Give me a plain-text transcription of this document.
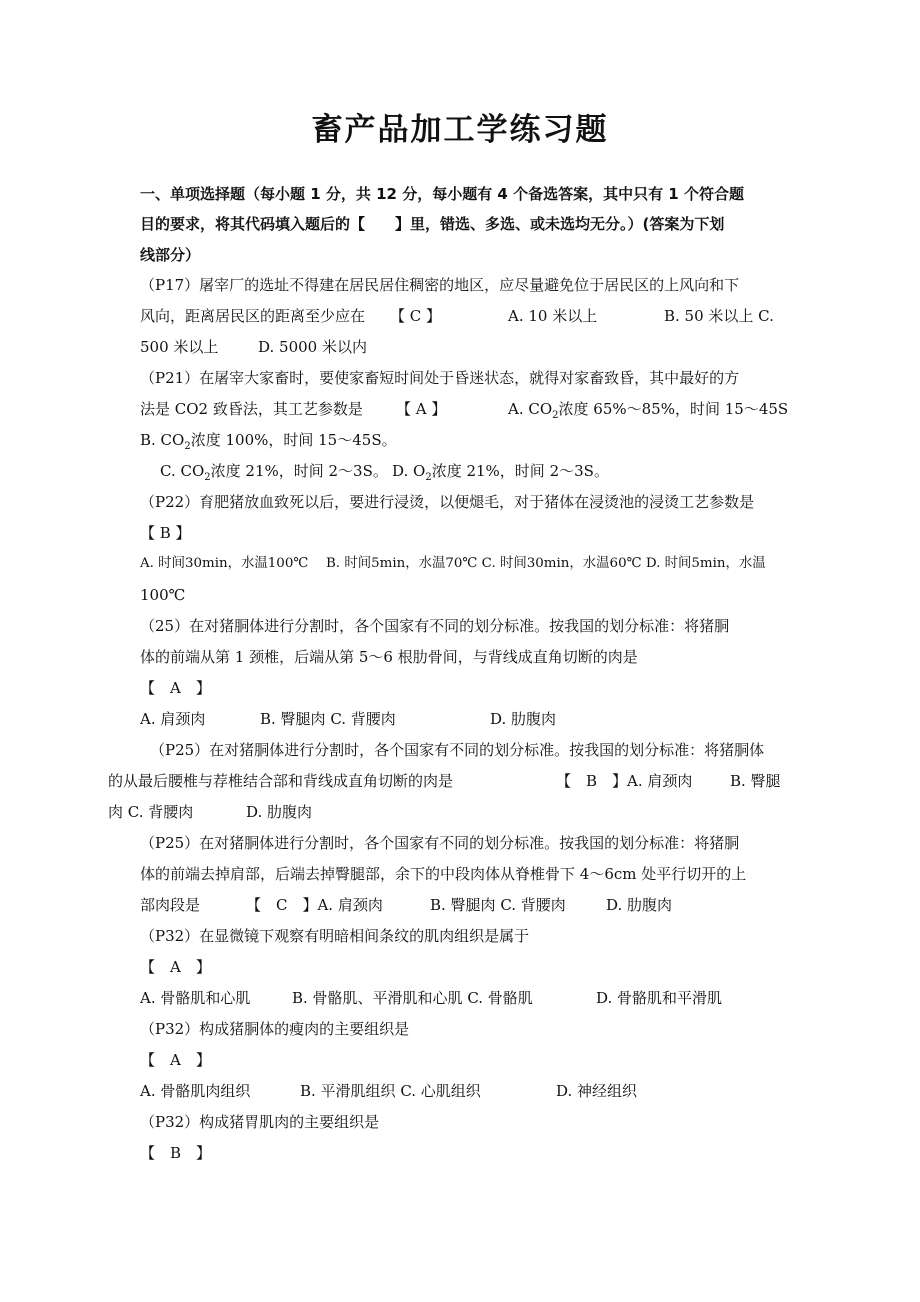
畜产品加工学练习题
一、单项选择题（每小题 1 分，共 12 分，每小题有 4 个备选答案，其中只有 1 个符合题
目的要求，将其代码填入题后的【　　】里，错选、多选、或未选均无分。）(答案为下划
线部分）
（P17）屠宰厂的选址不得建在居民居住稠密的地区，应尽量避免位于居民区的上风向和下
风向，距离居民区的距离至少应在 【 C 】	A. 10 米以上	B. 50 米以上 C.
500 米以上	D. 5000 米以内
（P21）在屠宰大家畜时，要使家畜短时间处于昏迷状态，就得对家畜致昏，其中最好的方
法是 CO2 致昏法，其工艺参数是 【 A 】	A. $CO_2$浓度 65%～85%，时间 15～45S
B. $CO_2$浓度 100%，时间 15～45S。
C. $CO_2$浓度 21%，时间 2～3S。 D. $O_2$浓度 21%，时间 2～3S。
（P22）育肥猪放血致死以后，要进行浸烫，以便煺毛，对于猪体在浸烫池的浸烫工艺参数是
【 B 】
A. 时间30min，水温100℃　 B. 时间5min，水温70℃ C. 时间30min，水温60℃ D. 时间5min，水温
100℃
（25）在对猪胴体进行分割时，各个国家有不同的划分标准。按我国的划分标准：将猪胴
体的前端从第 1 颈椎，后端从第 5～6 根肋骨间，与背线成直角切断的肉是
【　A　】
A. 肩颈肉	B. 臀腿肉 C. 背腰肉	D. 肋腹肉
（P25）在对猪胴体进行分割时，各个国家有不同的划分标准。按我国的划分标准：将猪胴体
的从最后腰椎与荐椎结合部和背线成直角切断的肉是	【　B　】A. 肩颈肉	B. 臀腿
肉 C. 背腰肉	D. 肋腹肉
（P25）在对猪胴体进行分割时，各个国家有不同的划分标准。按我国的划分标准：将猪胴
体的前端去掉肩部，后端去掉臀腿部，余下的中段肉体从脊椎骨下 4～6cm 处平行切开的上
部肉段是	【　C　】A. 肩颈肉	B. 臀腿肉 C. 背腰肉	D. 肋腹肉
（P32）在显微镜下观察有明暗相间条纹的肌肉组织是属于
【　A　】
A. 骨骼肌和心肌	B. 骨骼肌、平滑肌和心肌 C. 骨骼肌	D. 骨骼肌和平滑肌
（P32）构成猪胴体的瘦肉的主要组织是
【　A　】
A. 骨骼肌肉组织	B. 平滑肌组织 C. 心肌组织	D. 神经组织
（P32）构成猪胃肌肉的主要组织是
【　B　】
